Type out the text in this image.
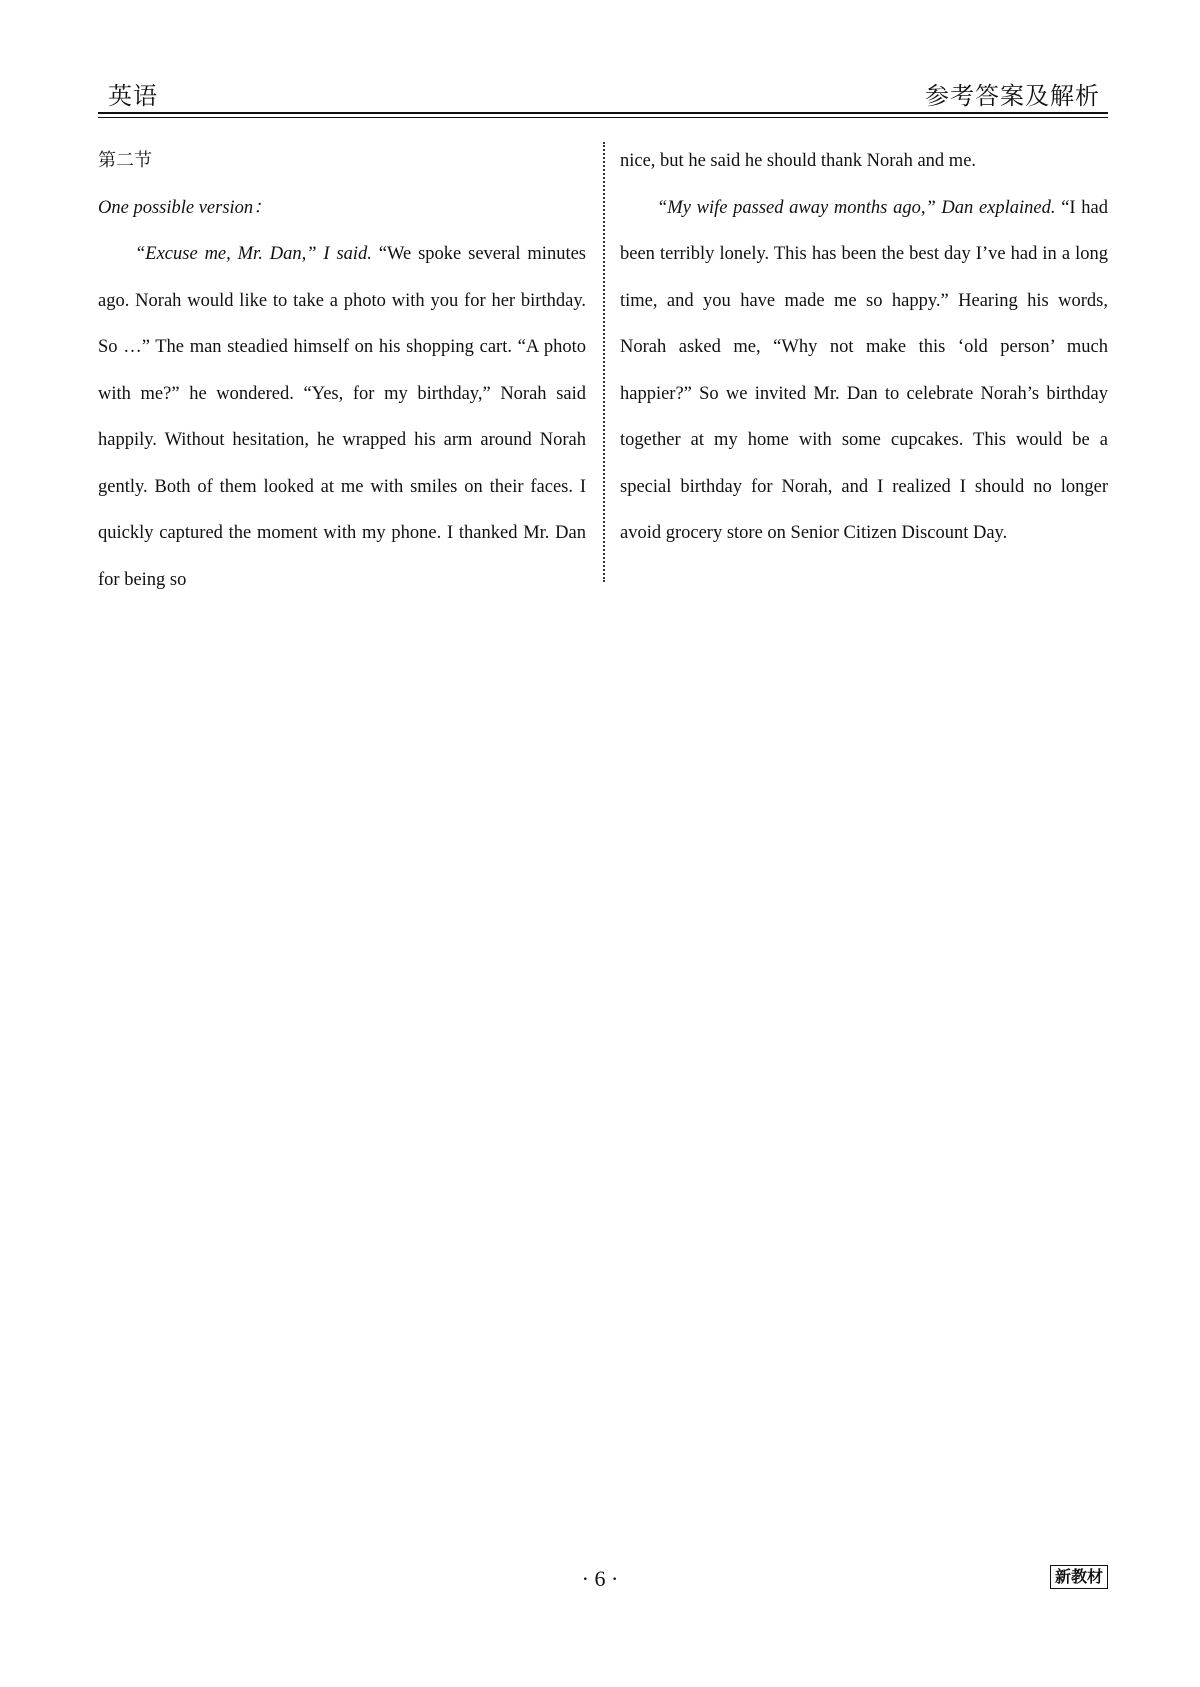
英语	参考答案及解析

第二节

One possible version：

“Excuse me, Mr. Dan,” I said. “We spoke several minutes ago. Norah would like to take a photo with you for her birthday. So …” The man steadied himself on his shopping cart. “A photo with me?” he wondered. “Yes, for my birthday,” Norah said happily. Without hesitation, he wrapped his arm around Norah gently. Both of them looked at me with smiles on their faces. I quickly captured the moment with my phone. I thanked Mr. Dan for being so

nice, but he said he should thank Norah and me.

“My wife passed away months ago,” Dan explained. “I had been terribly lonely. This has been the best day I’ve had in a long time, and you have made me so happy.” Hearing his words, Norah asked me, “Why not make this ‘old person’ much happier?” So we invited Mr. Dan to celebrate Norah’s birthday together at my home with some cupcakes. This would be a special birthday for Norah, and I realized I should no longer avoid grocery store on Senior Citizen Discount Day.

· 6 ·	新教材
